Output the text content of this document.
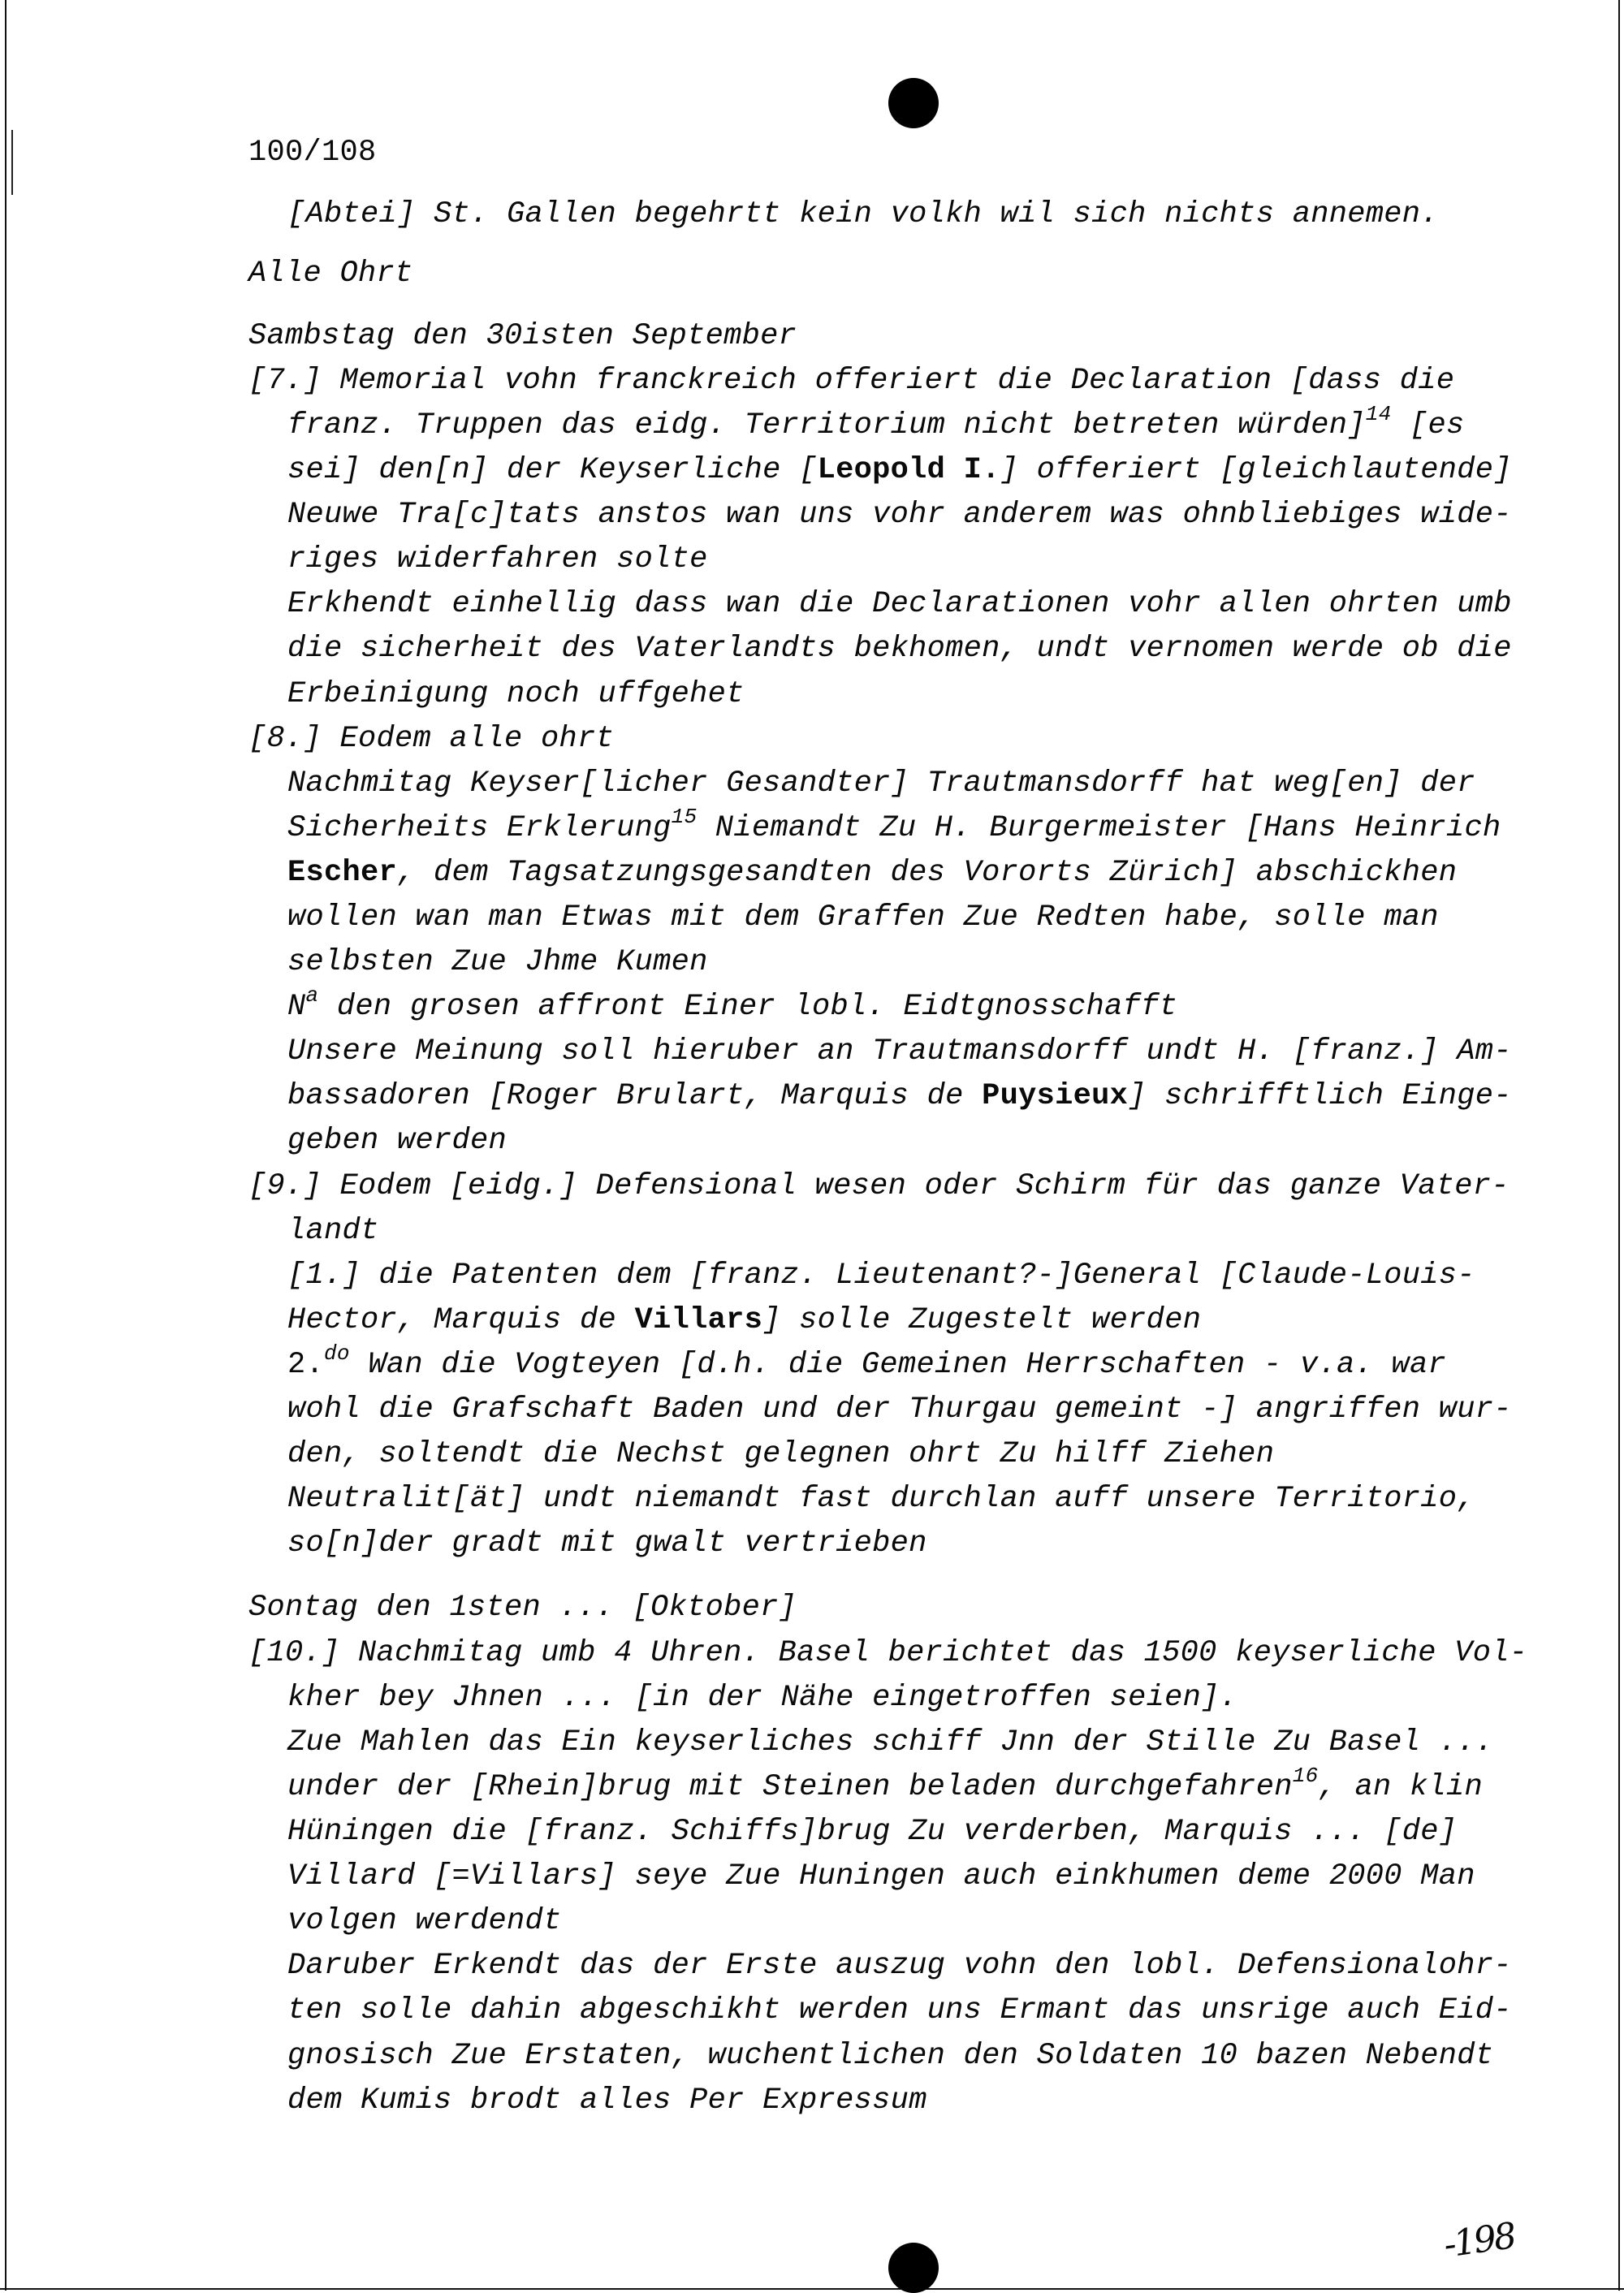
100/108
[Abtei] St. Gallen begehrtt kein volkh wil sich nichts annemen.
Alle Ohrt
Sambstag den 30isten September
[7.] Memorial vohn franckreich offeriert die Declaration [dass die
franz. Truppen das eidg. Territorium nicht betreten würden]$^{14}$ [es
sei] den[n] der Keyserliche [Leopold I.] offeriert [gleichlautende]
Neuwe Tra[c]tats anstos wan uns vohr anderem was ohnbliebiges wide-
riges widerfahren solte
Erkhendt einhellig dass wan die Declarationen vohr allen ohrten umb
die sicherheit des Vaterlandts bekhomen, undt vernomen werde ob die
Erbeinigung noch uffgehet
[8.] Eodem alle ohrt
Nachmitag Keyser[licher Gesandter] Trautmansdorff hat weg[en] der
Sicherheits Erklerung$^{15}$ Niemandt Zu H. Burgermeister [Hans Heinrich
Escher, dem Tagsatzungsgesandten des Vororts Zürich] abschickhen
wollen wan man Etwas mit dem Graffen Zue Redten habe, solle man
selbsten Zue Jhme Kumen
$N^a$ den grosen affront Einer lobl. Eidtgnosschafft
Unsere Meinung soll hieruber an Trautmansdorff undt H. [franz.] Am-
bassadoren [Roger Brulart, Marquis de Puysieux] schrifftlich Einge-
geben werden
[9.] Eodem [eidg.] Defensional wesen oder Schirm für das ganze Vater-
landt
[1.] die Patenten dem [franz. Lieutenant?-]General [Claude-Louis-
Hector, Marquis de Villars] solle Zugestelt werden
2.$^{do}$ Wan die Vogteyen [d.h. die Gemeinen Herrschaften - v.a. war
wohl die Grafschaft Baden und der Thurgau gemeint -] angriffen wur-
den, soltendt die Nechst gelegnen ohrt Zu hilff Ziehen
Neutralit[ät] undt niemandt fast durchlan auff unsere Territorio,
so[n]der gradt mit gwalt vertrieben
Sontag den 1sten ... [Oktober]
[10.] Nachmitag umb 4 Uhren. Basel berichtet das 1500 keyserliche Vol-
kher bey Jhnen ... [in der Nähe eingetroffen seien].
Zue Mahlen das Ein keyserliches schiff Jnn der Stille Zu Basel ...
under der [Rhein]brug mit Steinen beladen durchgefahren$^{16}$, an klin
Hüningen die [franz. Schiffs]brug Zu verderben, Marquis ... [de]
Villard [=Villars] seye Zue Huningen auch einkhumen deme 2000 Man
volgen werdendt
Daruber Erkendt das der Erste auszug vohn den lobl. Defensionalohr-
ten solle dahin abgeschikht werden uns Ermant das unsrige auch Eid-
gnosisch Zue Erstaten, wuchentlichen den Soldaten 10 bazen Nebendt
dem Kumis brodt alles Per Expressum
-198
